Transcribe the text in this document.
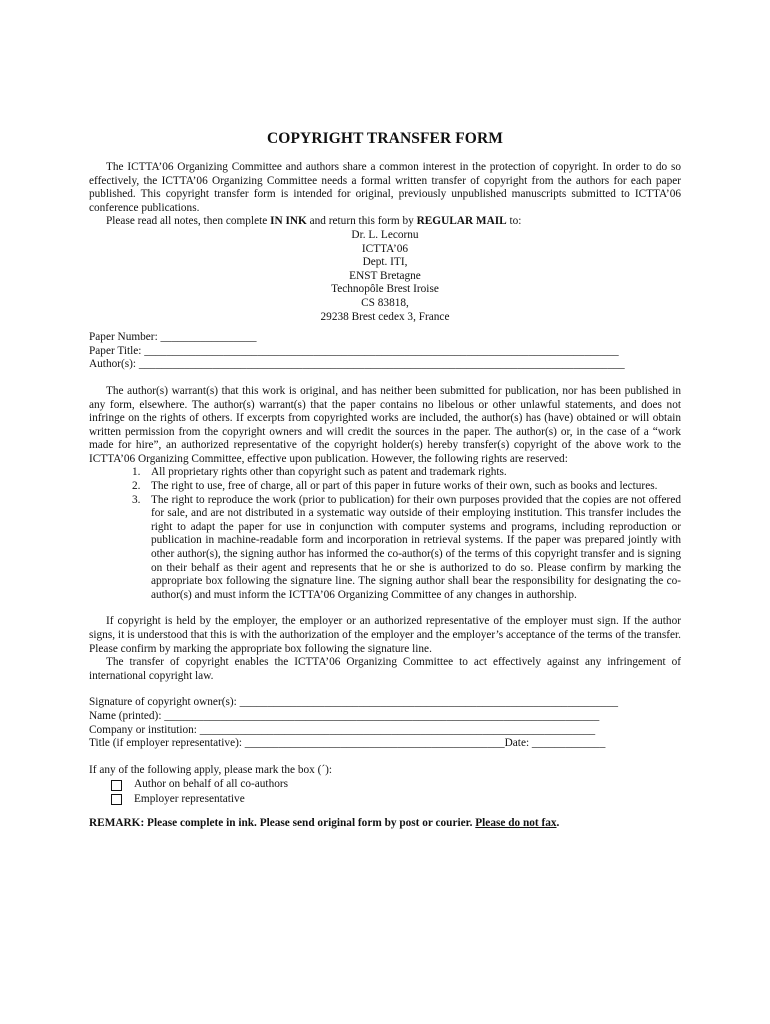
COPYRIGHT TRANSFER FORM

The ICTTA’06 Organizing Committee and authors share a common interest in the protection of copyright. In order to do so effectively, the ICTTA’06 Organizing Committee needs a formal written transfer of copyright from the authors for each paper published. This copyright transfer form is intended for original, previously unpublished manuscripts submitted to ICTTA’06 conference publications.

Please read all notes, then complete IN INK and return this form by REGULAR MAIL to:

Dr. L. Lecornu
ICTTA’06
Dept. ITI,
ENST Bretagne
Technopôle Brest Iroise
CS 83818,
29238 Brest cedex 3, France
Paper Number: _________________
Paper Title: ____________________________________________________________________________________
Author(s): ______________________________________________________________________________________

The author(s) warrant(s) that this work is original, and has neither been submitted for publication, nor has been published in any form, elsewhere. The author(s) warrant(s) that the paper contains no libelous or other unlawful statements, and does not infringe on the rights of others. If excerpts from copyrighted works are included, the author(s) has (have) obtained or will obtain written permission from the copyright owners and will credit the sources in the paper. The author(s) or, in the case of a “work made for hire”, an authorized representative of the copyright holder(s) hereby transfer(s) copyright of the above work to the ICTTA’06 Organizing Committee, effective upon publication. However, the following rights are reserved:

1. All proprietary rights other than copyright such as patent and trademark rights.
2. The right to use, free of charge, all or part of this paper in future works of their own, such as books and lectures.
3. The right to reproduce the work (prior to publication) for their own purposes provided that the copies are not offered for sale, and are not distributed in a systematic way outside of their employing institution. This transfer includes the right to adapt the paper for use in conjunction with computer systems and programs, including reproduction or publication in machine-readable form and incorporation in retrieval systems. If the paper was prepared jointly with other author(s), the signing author has informed the co-author(s) of the terms of this copyright transfer and is signing on their behalf as their agent and represents that he or she is authorized to do so. Please confirm by marking the appropriate box following the signature line. The signing author shall bear the responsibility for designating the co-author(s) and must inform the ICTTA’06 Organizing Committee of any changes in authorship.

If copyright is held by the employer, the employer or an authorized representative of the employer must sign. If the author signs, it is understood that this is with the authorization of the employer and the employer’s acceptance of the terms of the transfer. Please confirm by marking the appropriate box following the signature line.

The transfer of copyright enables the ICTTA’06 Organizing Committee to act effectively against any infringement of international copyright law.

Signature of copyright owner(s): ___________________________________________________________________
Name (printed): _____________________________________________________________________________
Company or institution: ______________________________________________________________________
Title (if employer representative): ______________________________________________Date: _____________
If any of the following apply, please mark the box (´):
Author on behalf of all co-authors
Employer representative
REMARK: Please complete in ink. Please send original form by post or courier. Please do not fax.
